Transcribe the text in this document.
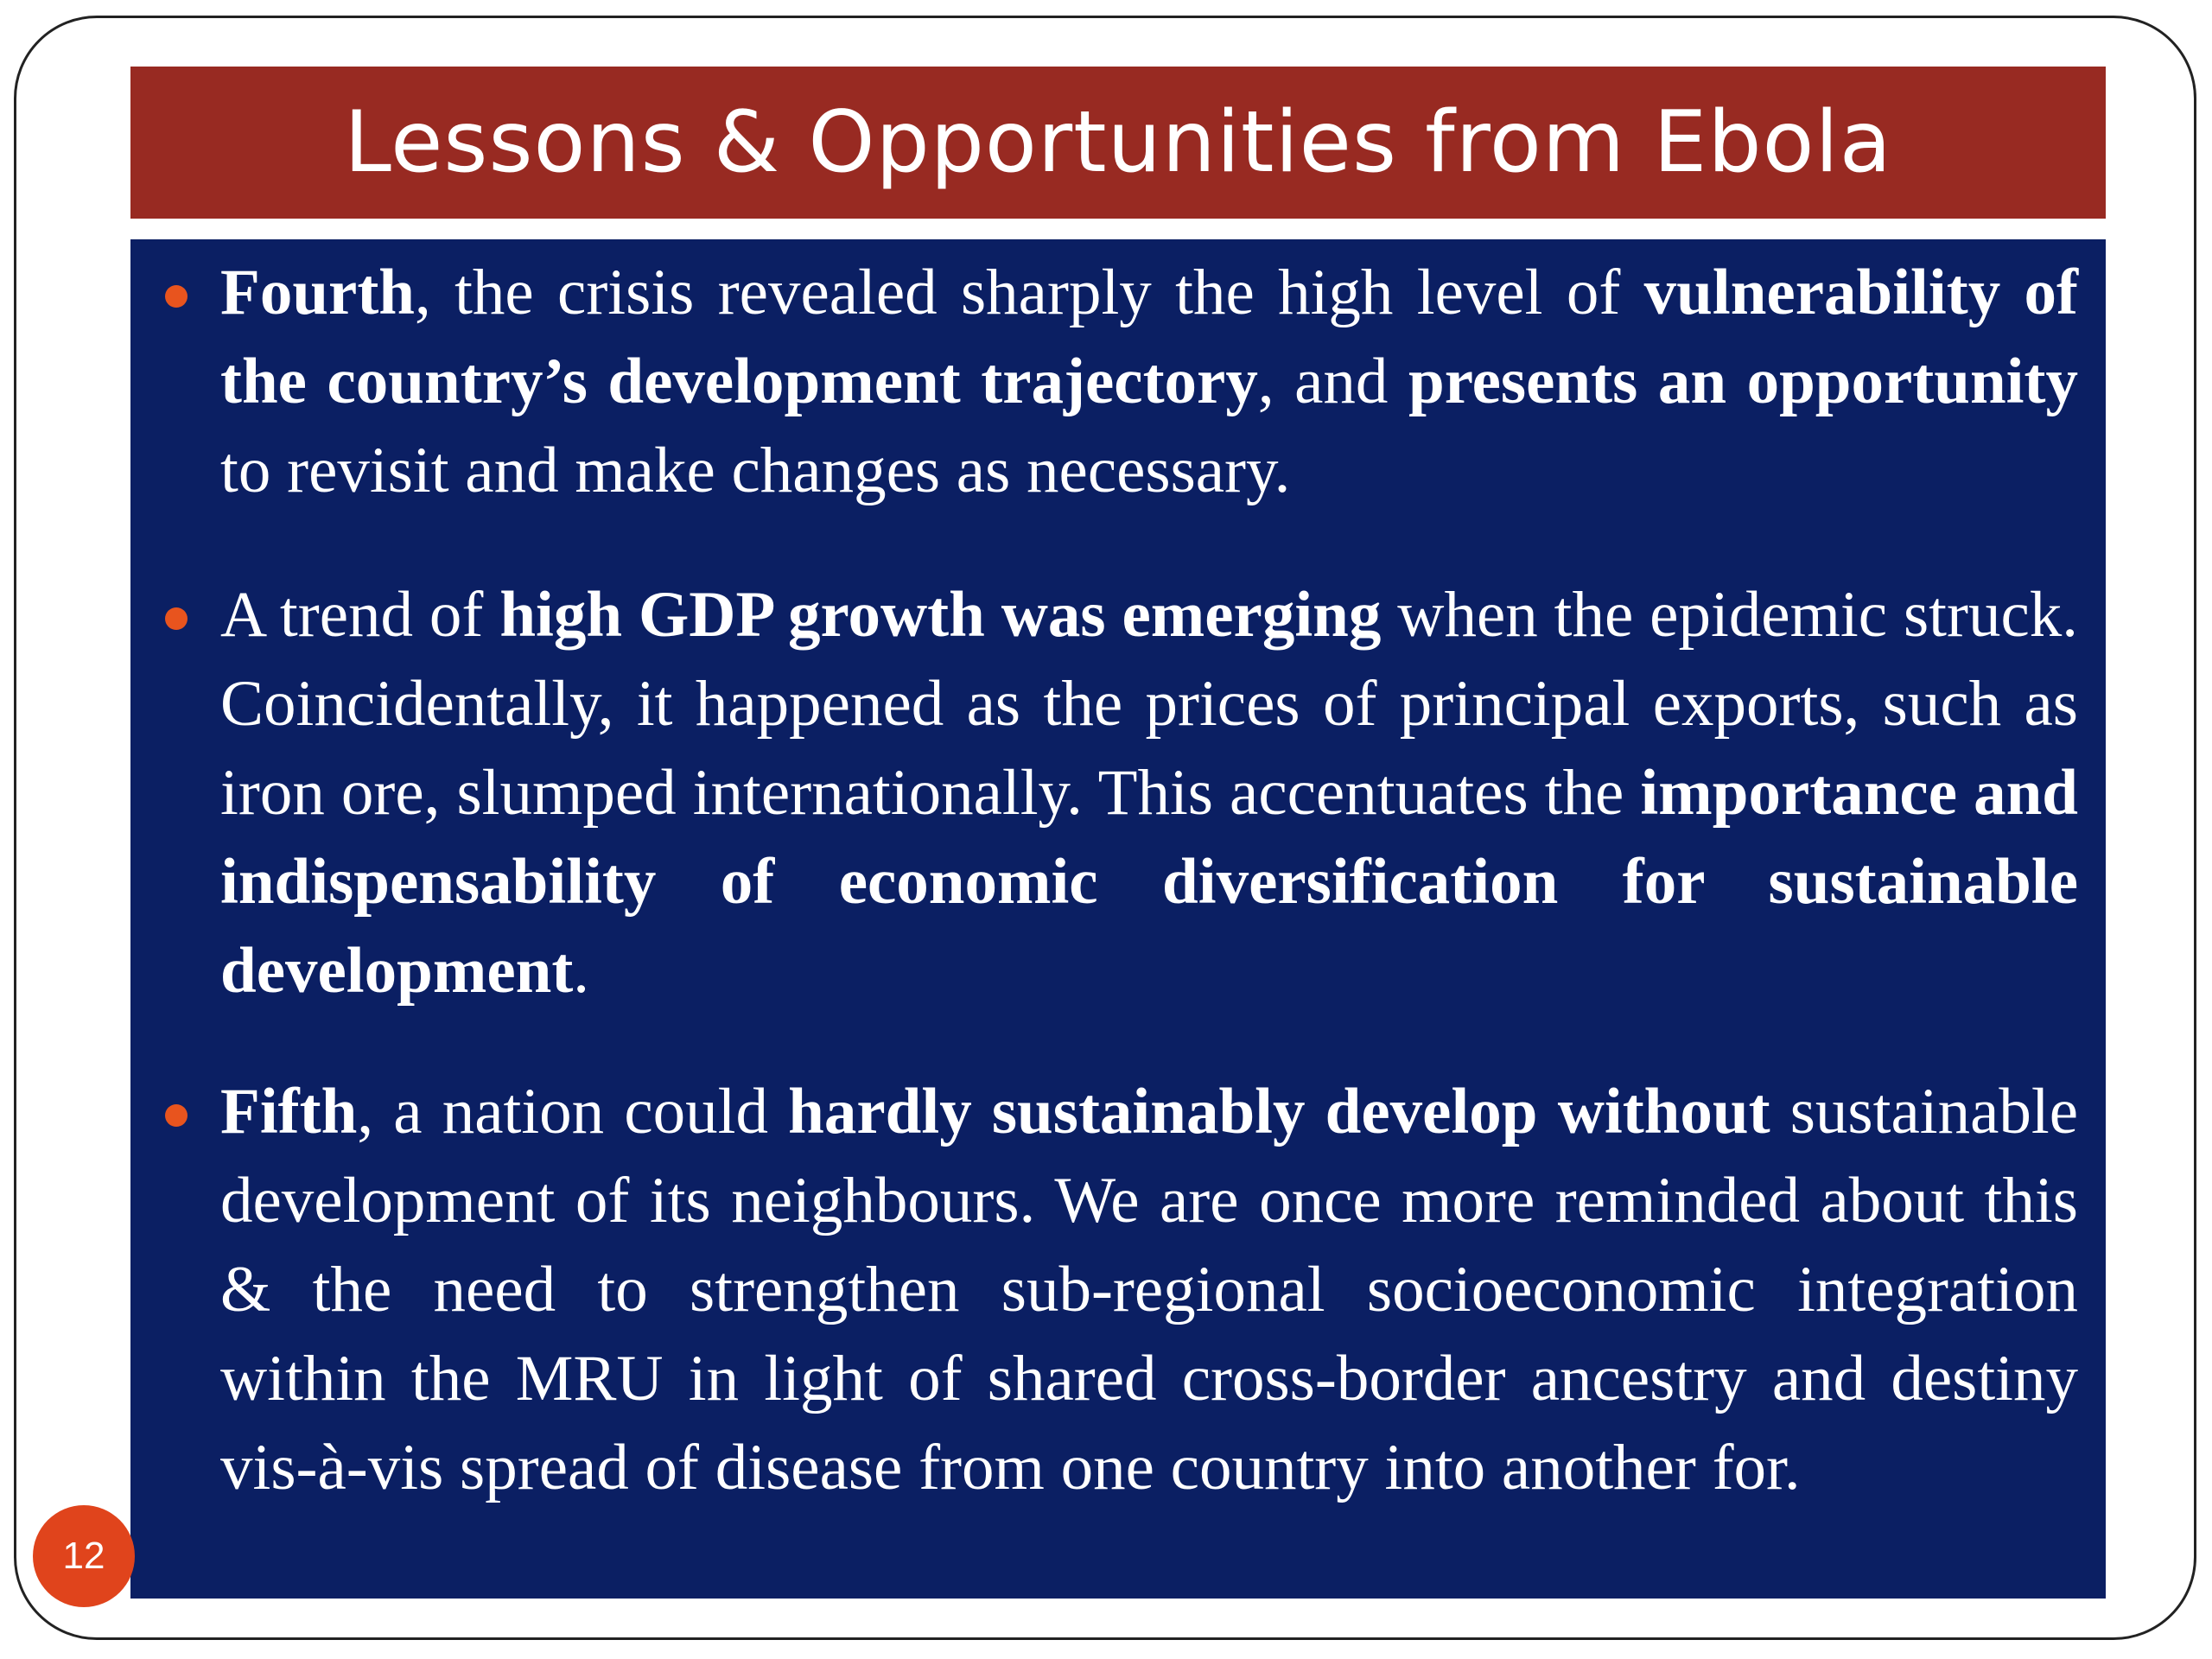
Lessons & Opportunities from Ebola
Fourth, the crisis revealed sharply the high level of vulnerability of the country’s development trajectory, and presents an opportunity to revisit and make changes as necessary.
A trend of high GDP growth was emerging when the epidemic struck. Coincidentally, it happened as the prices of principal exports, such as iron ore, slumped internationally. This accentuates the importance and indispensability of economic diversification for sustainable development.
Fifth, a nation could hardly sustainably develop without sustainable development of its neighbours. We are once more reminded about this & the need to strengthen sub-regional socioeconomic integration within the MRU in light of shared cross-border ancestry and destiny vis-à-vis spread of disease from one country into another for.
12
